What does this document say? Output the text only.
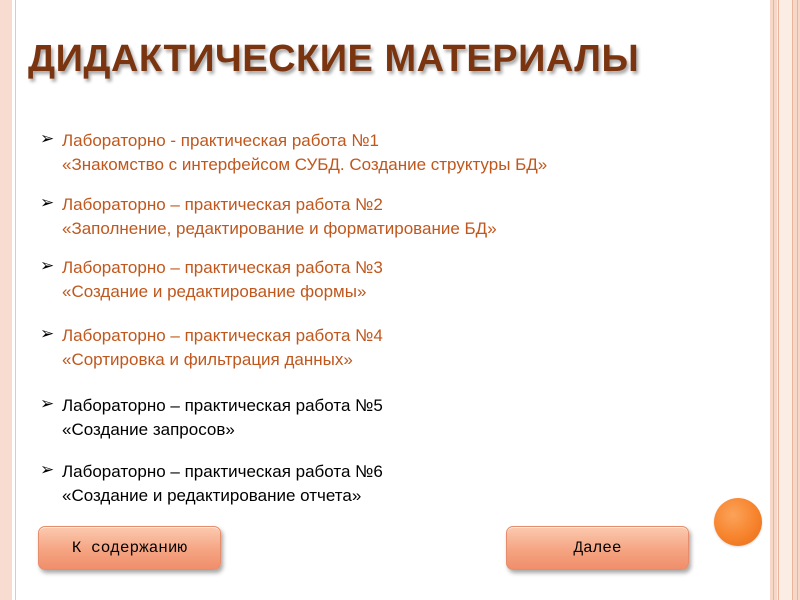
ДИДАКТИЧЕСКИЕ МАТЕРИАЛЫ
➢ Лабораторно - практическая работа №1
«Знакомство с интерфейсом СУБД. Создание структуры БД»
➢ Лабораторно – практическая работа №2
«Заполнение, редактирование и форматирование БД»
➢ Лабораторно – практическая работа №3
«Создание и редактирование формы»
➢ Лабораторно – практическая работа №4
«Сортировка и фильтрация данных»
➢ Лабораторно – практическая работа №5
«Создание запросов»
➢ Лабораторно – практическая работа №6
«Создание и редактирование отчета»
К содержанию	Далее
